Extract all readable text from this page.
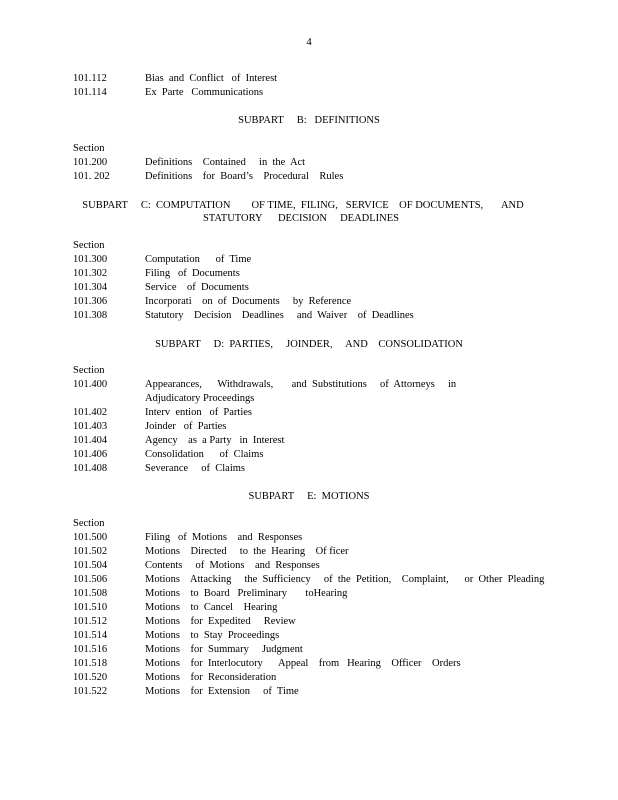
4
101.112	Bias  and  Conflict   of  Interest
101.114	Ex  Parte   Communications
SUBPART     B:   DEFINITIONS
Section
101.200	Definitions    Contained     in  the  Act
101. 202	Definitions    for  Board’s    Procedural    Rules
SUBPART     C:  COMPUTATION        OF TIME,  FILING,   SERVICE    OF DOCUMENTS,       AND
STATUTORY      DECISION     DEADLINES
Section
101.300	Computation      of  Time
101.302	Filing   of  Documents
101.304	Service    of  Documents
101.306	Incorporati    on  of  Documents     by  Reference
101.308	Statutory    Decision    Deadlines     and  Waiver    of  Deadlines
SUBPART     D:  PARTIES,     JOINDER,     AND    CONSOLIDATION
Section
101.400	Appearances,      Withdrawals,       and  Substitutions     of  Attorneys     in  Adjudicatory Proceedings
101.402	Interv  ention   of  Parties
101.403	Joinder   of  Parties
101.404	Agency    as  a Party   in  Interest
101.406	Consolidation      of  Claims
101.408	Severance     of  Claims
SUBPART     E:  MOTIONS
Section
101.500	Filing   of  Motions    and  Responses
101.502	Motions    Directed     to  the  Hearing    Of ficer
101.504	Contents     of  Motions    and  Responses
101.506	Motions    Attacking     the  Sufficiency     of  the  Petition,    Complaint,      or  Other  Pleading
101.508	Motions    to  Board   Preliminary       toHearing
101.510	Motions    to  Cancel    Hearing
101.512	Motions    for  Expedited     Review
101.514	Motions    to  Stay  Proceedings
101.516	Motions    for  Summary     Judgment
101.518	Motions    for  Interlocutory      Appeal    from   Hearing    Officer    Orders
101.520	Motions    for  Reconsideration
101.522	Motions    for  Extension     of  Time
